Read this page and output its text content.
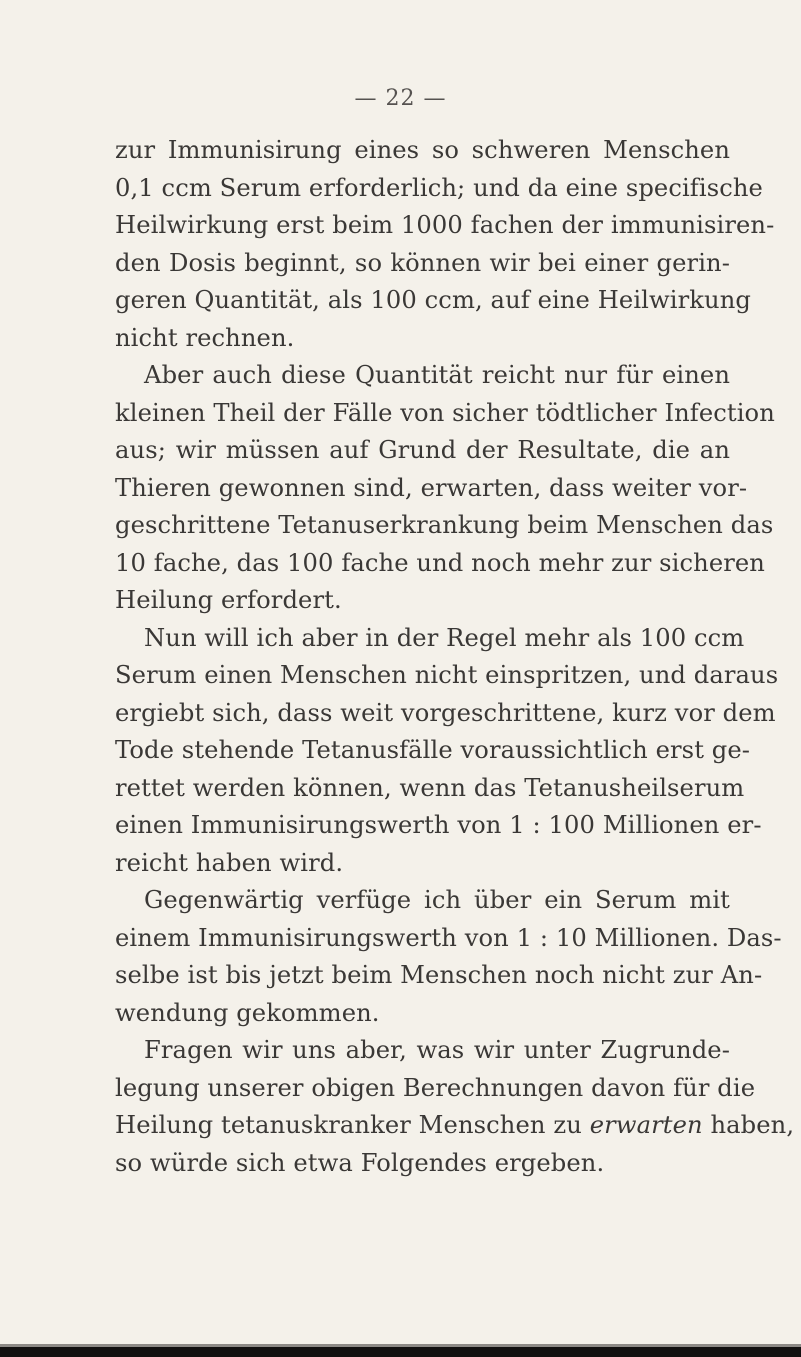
— 22 —
zur Immunisirung eines so schweren Menschen
0,1 ccm Serum erforderlich; und da eine specifische
Heilwirkung erst beim 1000 fachen der immunisiren-
den Dosis beginnt, so können wir bei einer gerin-
geren Quantität, als 100 ccm, auf eine Heilwirkung
nicht rechnen.
Aber auch diese Quantität reicht nur für einen
kleinen Theil der Fälle von sicher tödtlicher Infection
aus; wir müssen auf Grund der Resultate, die an
Thieren gewonnen sind, erwarten, dass weiter vor-
geschrittene Tetanuserkrankung beim Menschen das
10 fache, das 100 fache und noch mehr zur sicheren
Heilung erfordert.
Nun will ich aber in der Regel mehr als 100 ccm
Serum einen Menschen nicht einspritzen, und daraus
ergiebt sich, dass weit vorgeschrittene, kurz vor dem
Tode stehende Tetanusfälle voraussichtlich erst ge-
rettet werden können, wenn das Tetanusheilserum
einen Immunisirungswerth von 1 : 100 Millionen er-
reicht haben wird.
Gegenwärtig verfüge ich über ein Serum mit
einem Immunisirungswerth von 1 : 10 Millionen. Das-
selbe ist bis jetzt beim Menschen noch nicht zur An-
wendung gekommen.
Fragen wir uns aber, was wir unter Zugrunde-
legung unserer obigen Berechnungen davon für die
Heilung tetanuskranker Menschen zu erwarten haben,
so würde sich etwa Folgendes ergeben.
